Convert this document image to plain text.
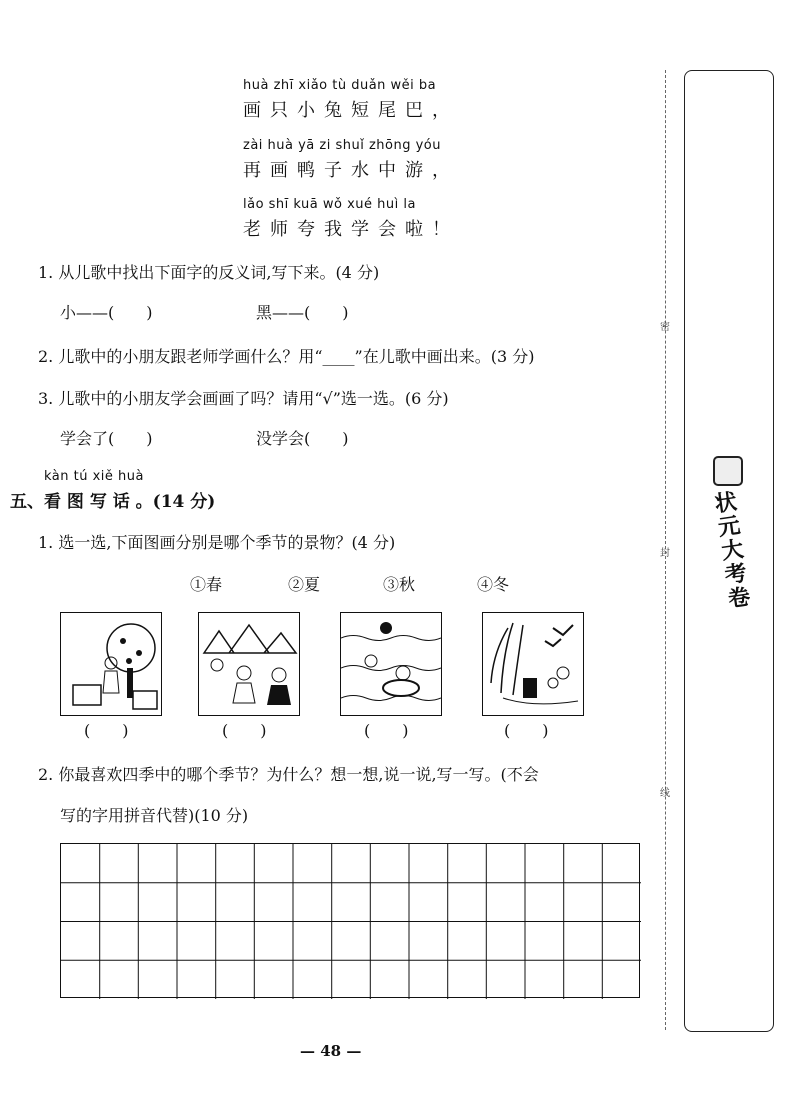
huà zhī xiǎo tù duǎn wěi ba
画只小兔短尾巴，
zài huà yā zi shuǐ zhōng yóu
再画鸭子水中游，
lǎo shī kuā wǒ xué huì la
老师夸我学会啦！
1. 从儿歌中找出下面字的反义词,写下来。(4 分)
小——(　　)	黑——(　　)
2. 儿歌中的小朋友跟老师学画什么？用“____”在儿歌中画出来。(3 分)
3. 儿歌中的小朋友学会画画了吗？请用“√”选一选。(6 分)
学会了(　　)	没学会(　　)
kàn tú xiě huà
五、看 图 写 话 。(14 分)
1. 选一选,下面图画分别是哪个季节的景物？(4 分)
①春	②夏	③秋	④冬
(　　)	(　　)	(　　)	(　　)
2. 你最喜欢四季中的哪个季节？为什么？想一想,说一说,写一写。(不会
写的字用拼音代替)(10 分)
— 48 —
密
封
线
状元大考卷
